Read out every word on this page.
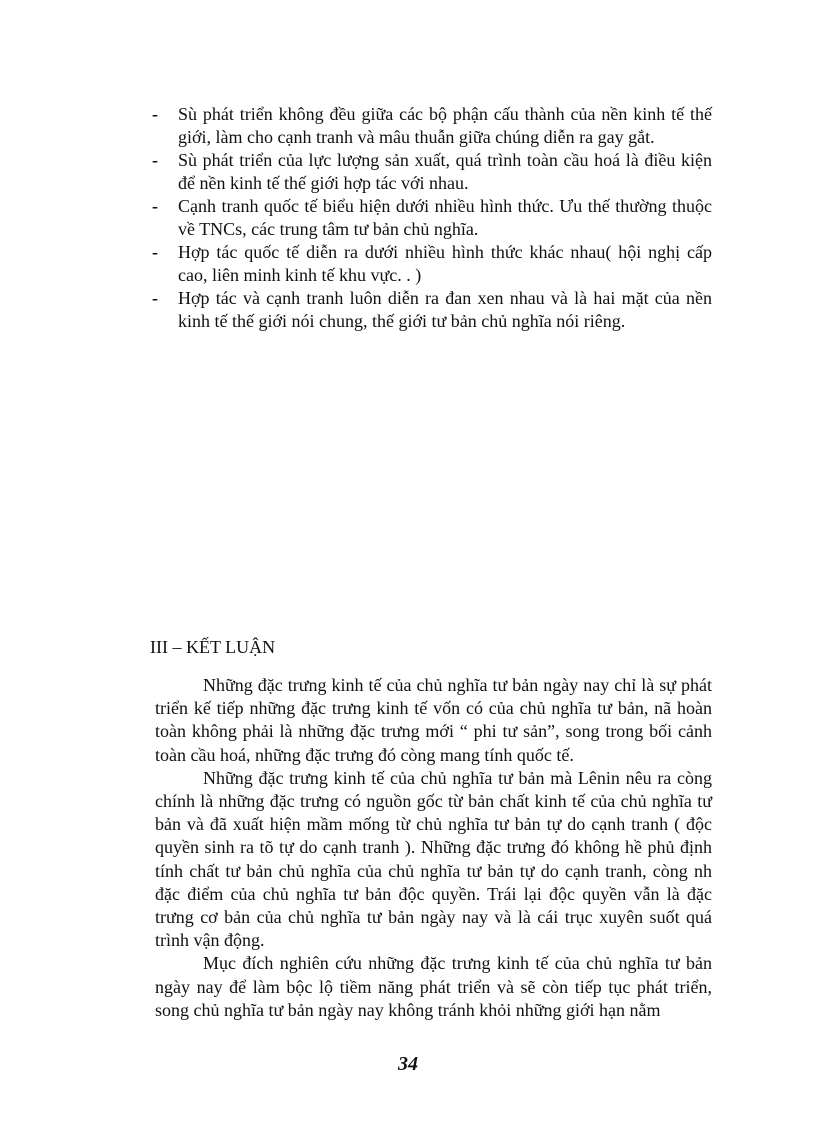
- Sù phát triển không đều giữa các bộ phận cấu thành của nền kinh tế thế giới, làm cho cạnh tranh và mâu thuẫn giữa chúng diễn ra gay gắt.
- Sù phát triển của lực lượng sản xuất, quá trình toàn cầu hoá là điều kiện để nền kinh tế thế giới hợp tác với nhau.
- Cạnh tranh quốc tế biểu hiện dưới nhiều hình thức. Ưu thế thường thuộc về TNCs, các trung tâm tư bản chủ nghĩa.
- Hợp tác quốc tế diễn ra dưới nhiều hình thức khác nhau( hội nghị cấp cao, liên minh kinh tế khu vực. . )
- Hợp tác và cạnh tranh luôn diễn ra đan xen nhau và là hai mặt của nền kinh tế thế giới nói chung, thế giới tư bản chủ nghĩa nói riêng.
III – KẾT LUẬN

Những đặc trưng kinh tế của chủ nghĩa tư bản ngày nay chỉ là sự phát triển kế tiếp những đặc trưng kinh tế vốn có của chủ nghĩa tư bản, nã hoàn toàn không phải là những đặc trưng mới “ phi tư sản”, song trong bối cảnh toàn cầu hoá, những đặc trưng đó còng mang tính quốc tế.

Những đặc trưng kinh tế của chủ nghĩa tư bản mà Lênin nêu ra còng chính là những đặc trưng có nguồn gốc từ bản chất kinh tế của chủ nghĩa tư bản và đã xuất hiện mầm mống từ chủ nghĩa tư bản tự do cạnh tranh ( độc quyền sinh ra tõ tự do cạnh tranh ). Những đặc trưng đó không hề phủ định tính chất tư bản chủ nghĩa của chủ nghĩa tư bản tự do cạnh tranh, còng nh đặc điểm của chủ nghĩa tư bản độc quyền. Trái lại độc quyền vẫn là đặc trưng cơ bản của chủ nghĩa tư bản ngày nay và là cái trục xuyên suốt quá trình vận động.

Mục đích nghiên cứu những đặc trưng kinh tế của chủ nghĩa tư bản ngày nay để làm bộc lộ tiềm năng phát triển và sẽ còn tiếp tục phát triển, song chủ nghĩa tư bản ngày nay không tránh khỏi những giới hạn nằm

34
